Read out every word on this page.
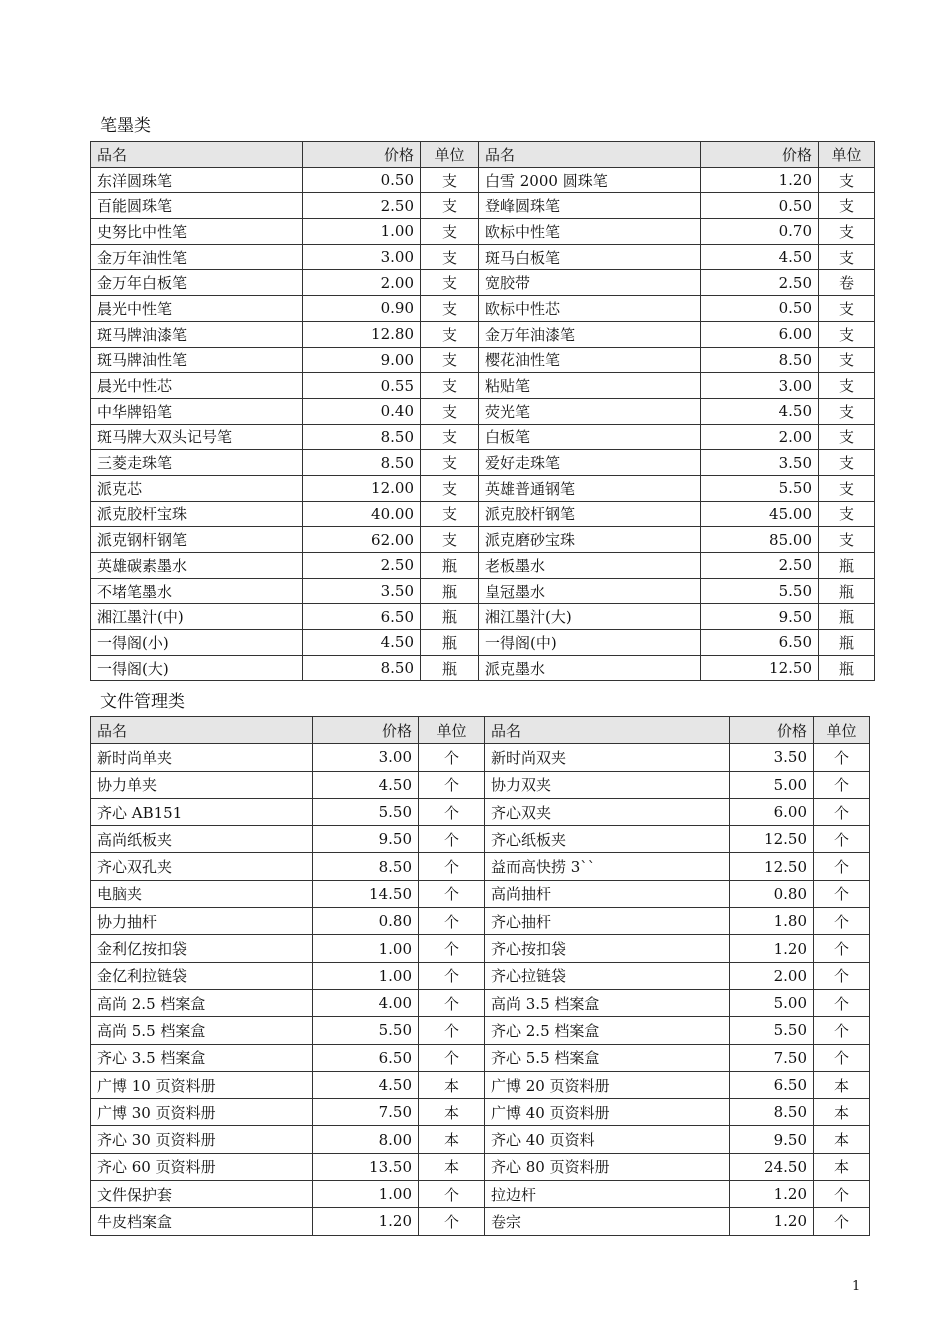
笔墨类
品名	价格	单位	品名	价格	单位
东洋圆珠笔	0.50	支	白雪 2000 圆珠笔	1.20	支
百能圆珠笔	2.50	支	登峰圆珠笔	0.50	支
史努比中性笔	1.00	支	欧标中性笔	0.70	支
金万年油性笔	3.00	支	斑马白板笔	4.50	支
金万年白板笔	2.00	支	宽胶带	2.50	卷
晨光中性笔	0.90	支	欧标中性芯	0.50	支
斑马牌油漆笔	12.80	支	金万年油漆笔	6.00	支
斑马牌油性笔	9.00	支	樱花油性笔	8.50	支
晨光中性芯	0.55	支	粘贴笔	3.00	支
中华牌铅笔	0.40	支	荧光笔	4.50	支
斑马牌大双头记号笔	8.50	支	白板笔	2.00	支
三菱走珠笔	8.50	支	爱好走珠笔	3.50	支
派克芯	12.00	支	英雄普通钢笔	5.50	支
派克胶杆宝珠	40.00	支	派克胶杆钢笔	45.00	支
派克钢杆钢笔	62.00	支	派克磨砂宝珠	85.00	支
英雄碳素墨水	2.50	瓶	老板墨水	2.50	瓶
不堵笔墨水	3.50	瓶	皇冠墨水	5.50	瓶
湘江墨汁(中)	6.50	瓶	湘江墨汁(大)	9.50	瓶
一得阁(小)	4.50	瓶	一得阁(中)	6.50	瓶
一得阁(大)	8.50	瓶	派克墨水	12.50	瓶
文件管理类
品名	价格	单位	品名	价格	单位
新时尚单夹	3.00	个	新时尚双夹	3.50	个
协力单夹	4.50	个	协力双夹	5.00	个
齐心 AB151	5.50	个	齐心双夹	6.00	个
高尚纸板夹	9.50	个	齐心纸板夹	12.50	个
齐心双孔夹	8.50	个	益而高快捞 3``	12.50	个
电脑夹	14.50	个	高尚抽杆	0.80	个
协力抽杆	0.80	个	齐心抽杆	1.80	个
金利亿按扣袋	1.00	个	齐心按扣袋	1.20	个
金亿利拉链袋	1.00	个	齐心拉链袋	2.00	个
高尚 2.5 档案盒	4.00	个	高尚 3.5 档案盒	5.00	个
高尚 5.5 档案盒	5.50	个	齐心 2.5 档案盒	5.50	个
齐心 3.5 档案盒	6.50	个	齐心 5.5 档案盒	7.50	个
广博 10 页资料册	4.50	本	广博 20 页资料册	6.50	本
广博 30 页资料册	7.50	本	广博 40 页资料册	8.50	本
齐心 30 页资料册	8.00	本	齐心 40 页资料	9.50	本
齐心 60 页资料册	13.50	本	齐心 80 页资料册	24.50	本
文件保护套	1.00	个	拉边杆	1.20	个
牛皮档案盒	1.20	个	卷宗	1.20	个
1
